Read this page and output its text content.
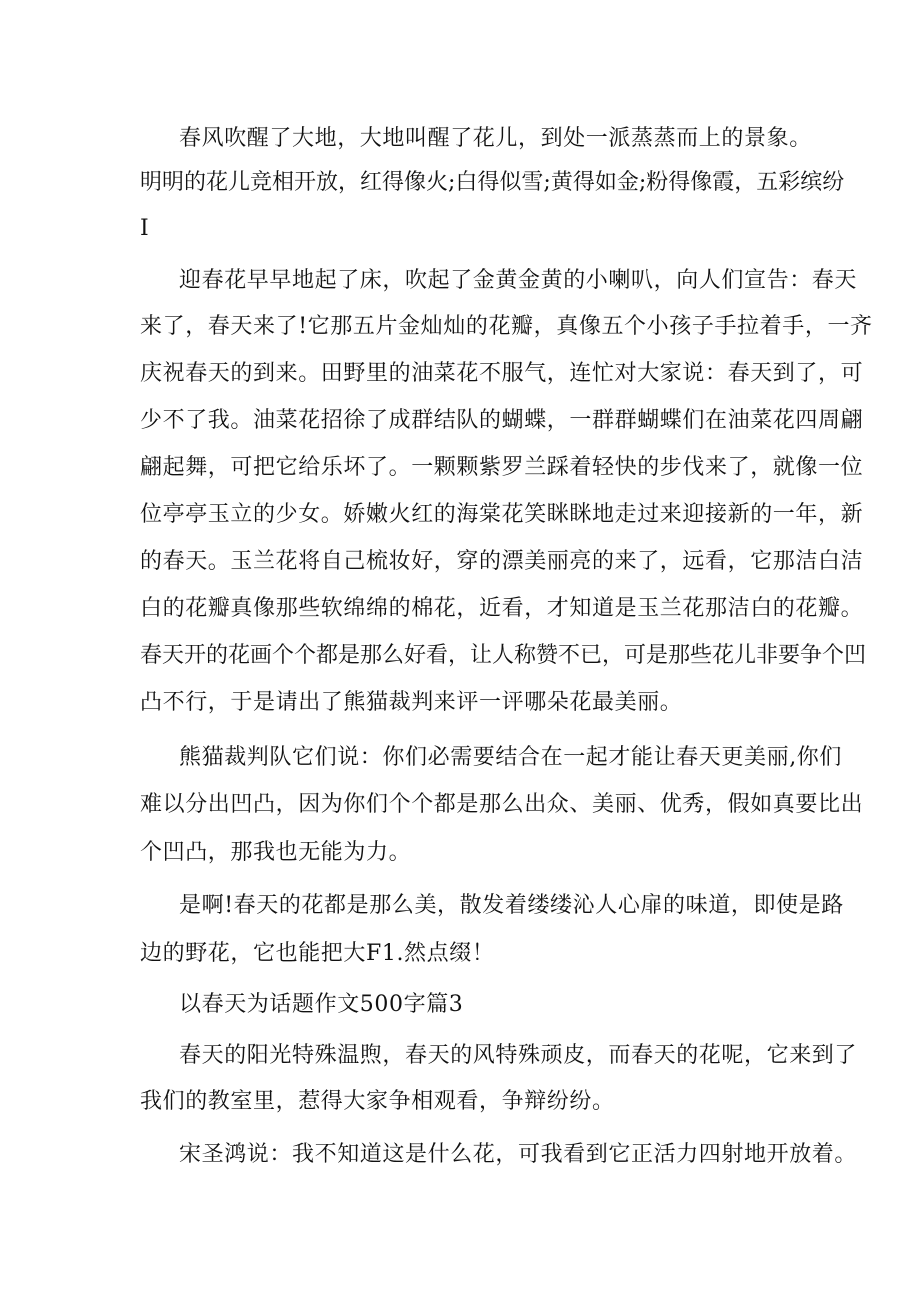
春风吹醒了大地，大地叫醒了花儿，到处一派蒸蒸而上的景象。
明明的花儿竞相开放，红得像火;白得似雪;黄得如金;粉得像霞，五彩缤纷
I
迎春花早早地起了床，吹起了金黄金黄的小喇叭，向人们宣告：春天
来了，春天来了!它那五片金灿灿的花瓣，真像五个小孩子手拉着手，一齐
庆祝春天的到来。田野里的油菜花不服气，连忙对大家说：春天到了，可
少不了我。油菜花招徐了成群结队的蝴蝶，一群群蝴蝶们在油菜花四周翩
翩起舞，可把它给乐坏了。一颗颗紫罗兰踩着轻快的步伐来了，就像一位
位亭亭玉立的少女。娇嫩火红的海棠花笑眯眯地走过来迎接新的一年，新
的春天。玉兰花将自己梳妆好，穿的漂美丽亮的来了，远看，它那洁白洁
白的花瓣真像那些软绵绵的棉花，近看，才知道是玉兰花那洁白的花瓣。
春天开的花画个个都是那么好看，让人称赞不已，可是那些花儿非要争个凹
凸不行，于是请出了熊猫裁判来评一评哪朵花最美丽。
熊猫裁判队它们说：你们必需要结合在一起才能让春天更美丽,你们
难以分出凹凸，因为你们个个都是那么出众、美丽、优秀，假如真要比出
个凹凸，那我也无能为力。
是啊!春天的花都是那么美，散发着缕缕沁人心扉的味道，即使是路
边的野花，它也能把大F1.然点缀！
以春天为话题作文500字篇3
春天的阳光特殊温煦，春天的风特殊顽皮，而春天的花呢，它来到了
我们的教室里，惹得大家争相观看，争辩纷纷。
宋圣鸿说：我不知道这是什么花，可我看到它正活力四射地开放着。
